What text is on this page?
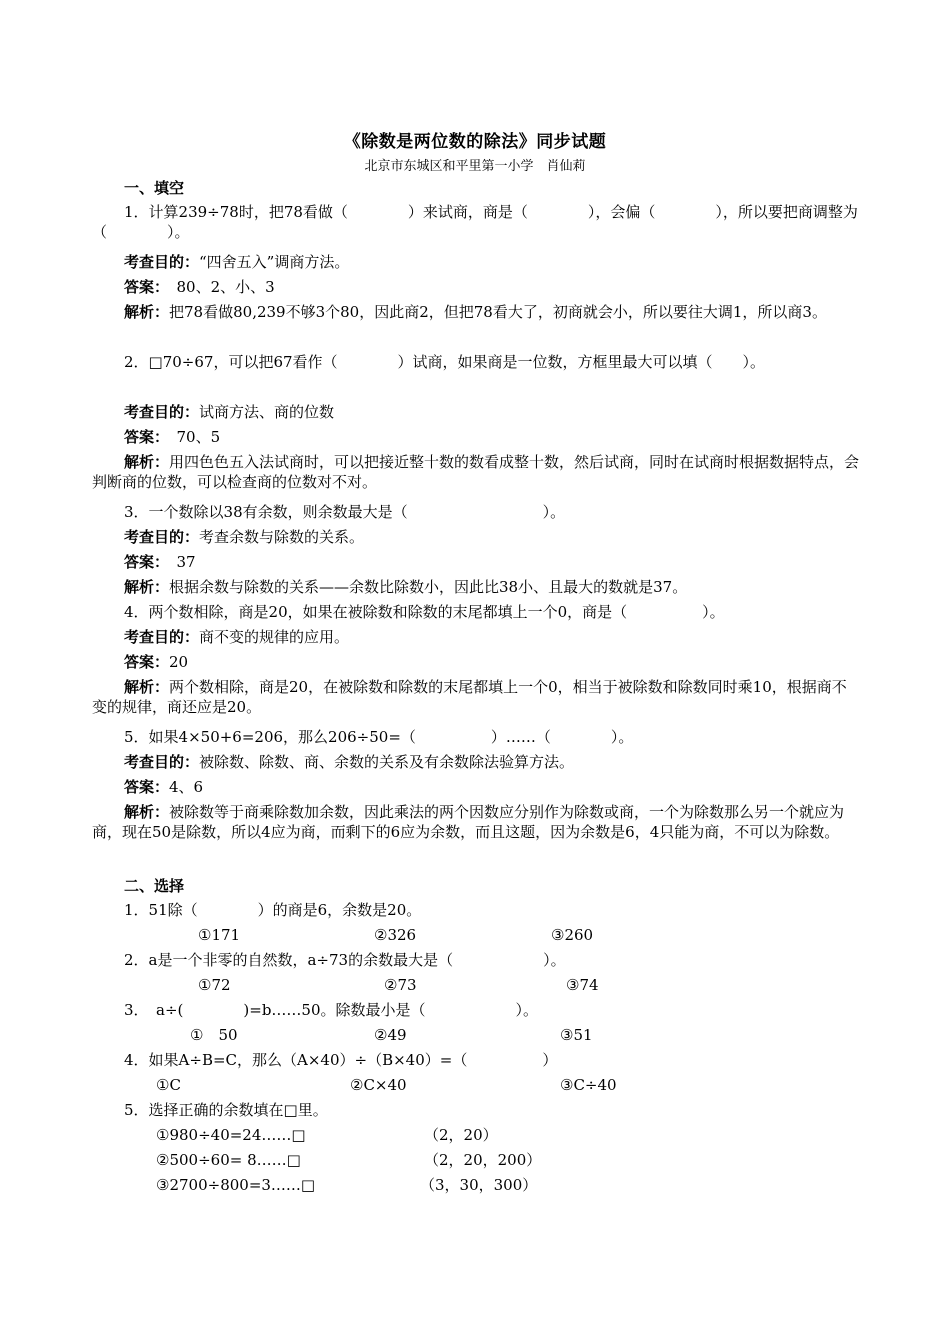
《除数是两位数的除法》同步试题
北京市东城区和平里第一小学　肖仙莉
一、填空
1．计算239÷78时，把78看做（　　　　）来试商，商是（　　　　），会偏（　　　　），所以要把商调整为（　　　　）。
考查目的：“四舍五入”调商方法。
答案：　80、2、小、3
解析：把78看做80,239不够3个80，因此商2，但把78看大了，初商就会小，所以要往大调1，所以商3。
2．□70÷67，可以把67看作（　　　　）试商，如果商是一位数，方框里最大可以填（　　）。
考查目的：试商方法、商的位数
答案：　70、5
解析：用四色色五入法试商时，可以把接近整十数的数看成整十数，然后试商，同时在试商时根据数据特点，会判断商的位数，可以检查商的位数对不对。
3．一个数除以38有余数，则余数最大是（　　　　　　　　　）。
考查目的：考查余数与除数的关系。
答案：　37
解析：根据余数与除数的关系——余数比除数小，因此比38小、且最大的数就是37。
4．两个数相除，商是20，如果在被除数和除数的末尾都填上一个0，商是（　　　　　）。
考查目的：商不变的规律的应用。
答案：20
解析：两个数相除，商是20，在被除数和除数的末尾都填上一个0，相当于被除数和除数同时乘10，根据商不变的规律，商还应是20。
5．如果4×50+6=206，那么206÷50=（　　　　　）……（　　　　）。
考查目的：被除数、除数、商、余数的关系及有余数除法验算方法。
答案：4、6
解析：被除数等于商乘除数加余数，因此乘法的两个因数应分别作为除数或商，一个为除数那么另一个就应为商，现在50是除数，所以4应为商，而剩下的6应为余数，而且这题，因为余数是6，4只能为商，不可以为除数。
二、选择
1．51除（　　　　）的商是6，余数是20。
①171	②326	③260
2．a是一个非零的自然数，a÷73的余数最大是（　　　　　　）。
①72	②73	③74
3．　a÷(　　　　)=b……50。除数最小是（　　　　　　）。
①　50	②49	③51
4．如果A÷B=C，那么（A×40）÷（B×40）=（　　　　　）
①C	②C×40	③C÷40
5．选择正确的余数填在□里。
①980÷40=24……□	（2，20）
②500÷60= 8……□	（2，20，200）
③2700÷800=3……□	（3，30，300）
